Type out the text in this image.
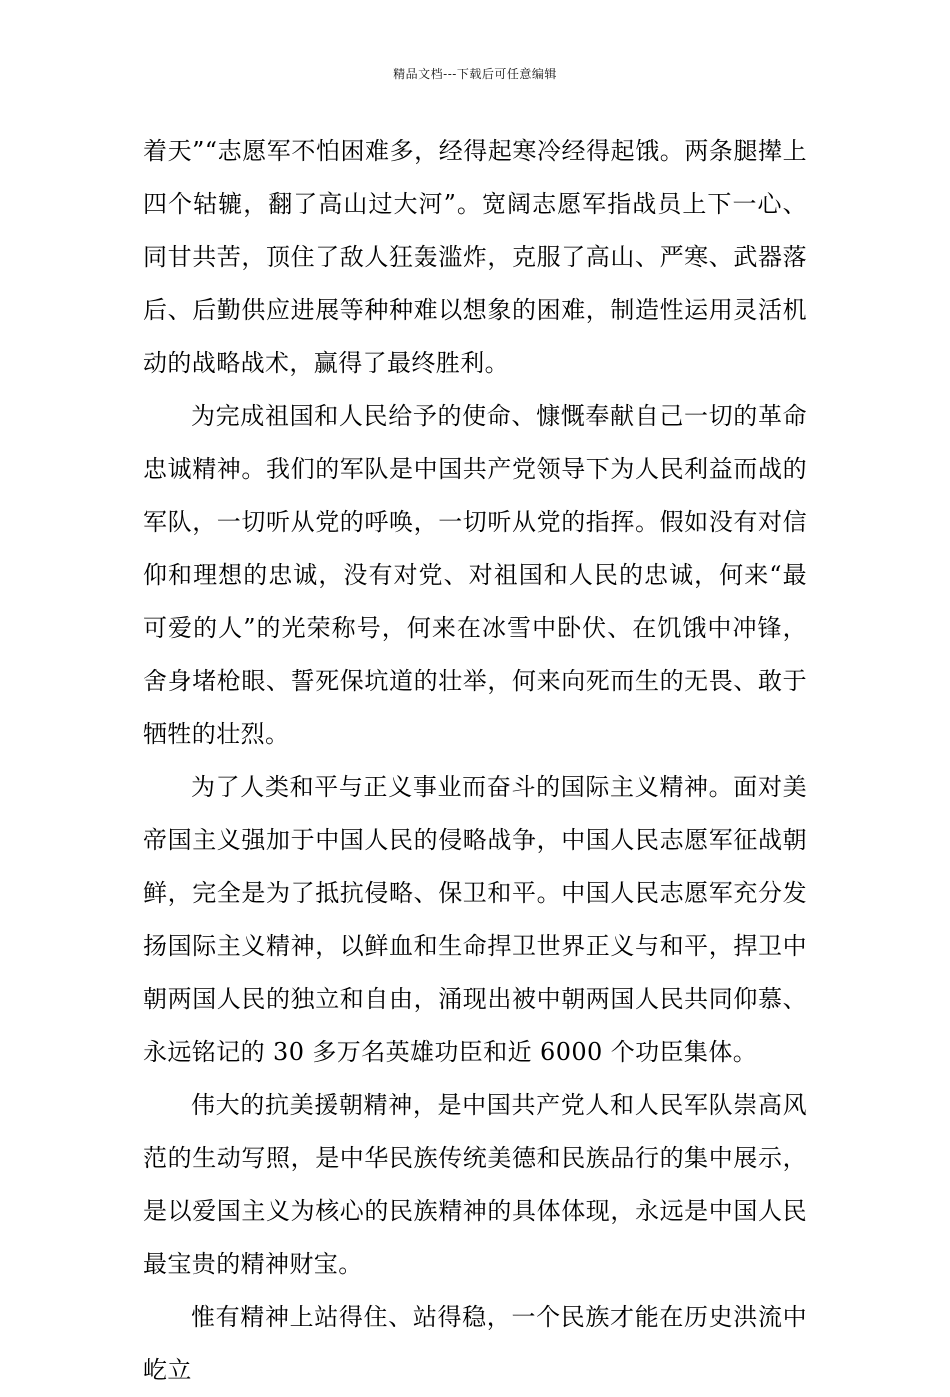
精品文档---下载后可任意编辑

着天”“志愿军不怕困难多，经得起寒冷经得起饿。两条腿撵上四个轱辘，翻了高山过大河”。宽阔志愿军指战员上下一心、同甘共苦，顶住了敌人狂轰滥炸，克服了高山、严寒、武器落后、后勤供应进展等种种难以想象的困难，制造性运用灵活机动的战略战术，赢得了最终胜利。

为完成祖国和人民给予的使命、慷慨奉献自己一切的革命忠诚精神。我们的军队是中国共产党领导下为人民利益而战的军队，一切听从党的呼唤，一切听从党的指挥。假如没有对信仰和理想的忠诚，没有对党、对祖国和人民的忠诚，何来“最可爱的人”的光荣称号，何来在冰雪中卧伏、在饥饿中冲锋，舍身堵枪眼、誓死保坑道的壮举，何来向死而生的无畏、敢于牺牲的壮烈。

为了人类和平与正义事业而奋斗的国际主义精神。面对美帝国主义强加于中国人民的侵略战争，中国人民志愿军征战朝鲜，完全是为了抵抗侵略、保卫和平。中国人民志愿军充分发扬国际主义精神，以鲜血和生命捍卫世界正义与和平，捍卫中朝两国人民的独立和自由，涌现出被中朝两国人民共同仰慕、永远铭记的 30 多万名英雄功臣和近 6000 个功臣集体。

伟大的抗美援朝精神，是中国共产党人和人民军队崇高风范的生动写照，是中华民族传统美德和民族品行的集中展示，是以爱国主义为核心的民族精神的具体体现，永远是中国人民最宝贵的精神财宝。

惟有精神上站得住、站得稳，一个民族才能在历史洪流中屹立
